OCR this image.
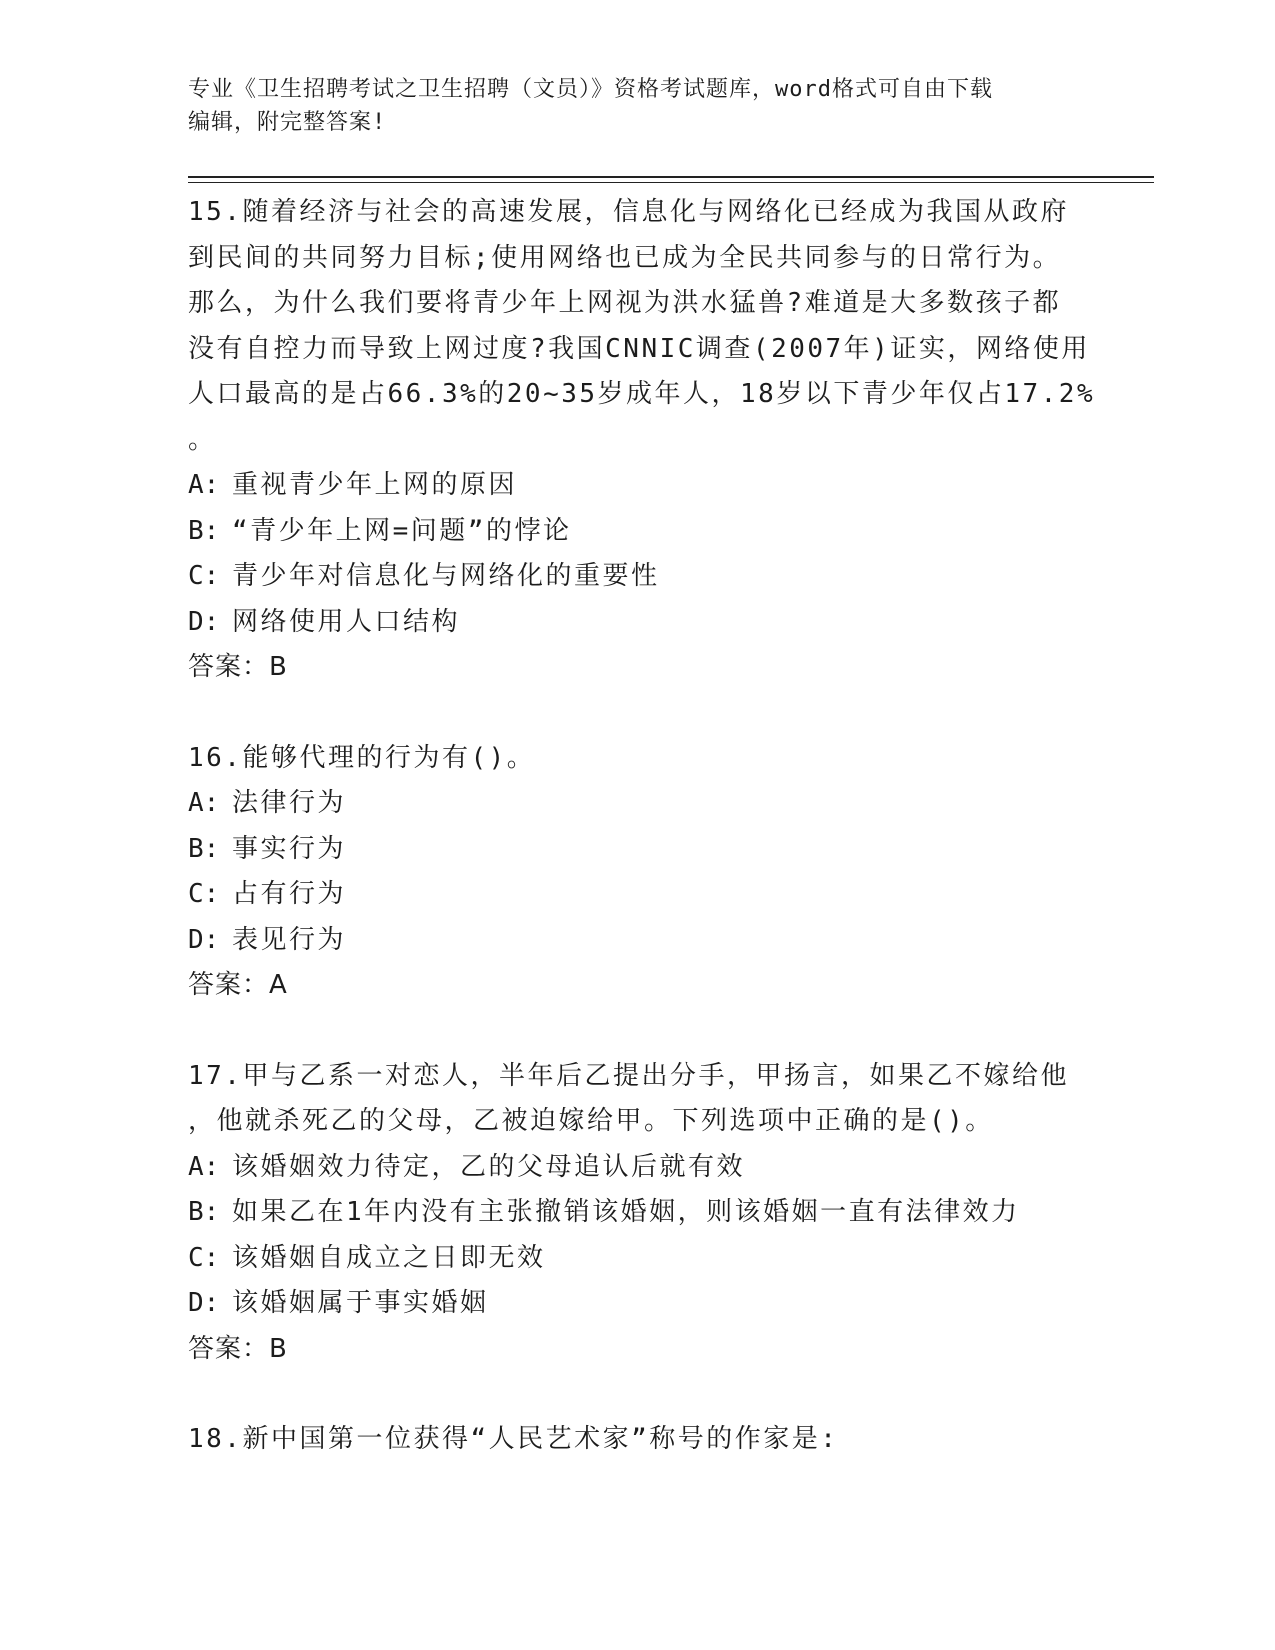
专业《卫生招聘考试之卫生招聘（文员）》资格考试题库，word格式可自由下载
编辑，附完整答案!
15.随着经济与社会的高速发展，信息化与网络化已经成为我国从政府
到民间的共同努力目标;使用网络也已成为全民共同参与的日常行为。
那么，为什么我们要将青少年上网视为洪水猛兽?难道是大多数孩子都
没有自控力而导致上网过度?我国CNNIC调查(2007年)证实，网络使用
人口最高的是占66.3%的20~35岁成年人，18岁以下青少年仅占17.2%
。
A: 重视青少年上网的原因
B: “青少年上网=问题”的悖论
C: 青少年对信息化与网络化的重要性
D: 网络使用人口结构
答案：B
16.能够代理的行为有()。
A: 法律行为
B: 事实行为
C: 占有行为
D: 表见行为
答案：A
17.甲与乙系一对恋人，半年后乙提出分手，甲扬言，如果乙不嫁给他
，他就杀死乙的父母，乙被迫嫁给甲。下列选项中正确的是()。
A: 该婚姻效力待定，乙的父母追认后就有效
B: 如果乙在1年内没有主张撤销该婚姻，则该婚姻一直有法律效力
C: 该婚姻自成立之日即无效
D: 该婚姻属于事实婚姻
答案：B
18.新中国第一位获得“人民艺术家”称号的作家是:
